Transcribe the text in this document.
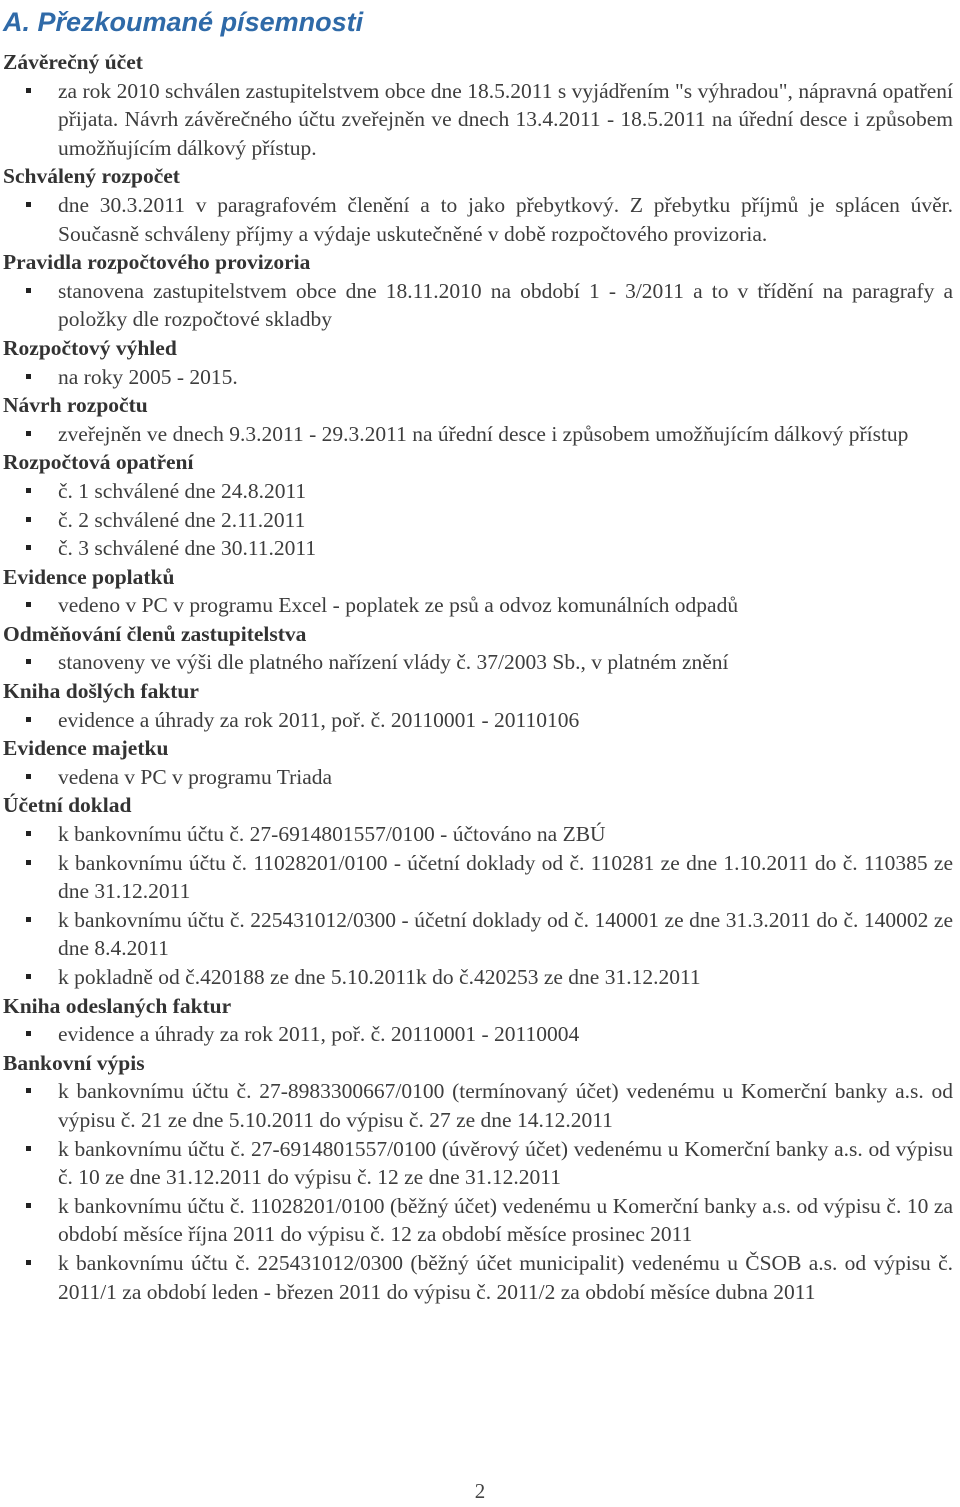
A. Přezkoumané písemnosti
Závěrečný účet
za rok 2010 schválen zastupitelstvem obce dne 18.5.2011 s vyjádřením "s výhradou", nápravná opatření přijata. Návrh závěrečného účtu zveřejněn ve dnech 13.4.2011 - 18.5.2011 na úřední desce i způsobem umožňujícím dálkový přístup.
Schválený rozpočet
dne 30.3.2011 v paragrafovém členění a to jako přebytkový. Z přebytku příjmů je splácen úvěr. Současně schváleny příjmy a výdaje uskutečněné v době rozpočtového provizoria.
Pravidla rozpočtového provizoria
stanovena zastupitelstvem obce dne 18.11.2010 na období 1 - 3/2011 a to v třídění na paragrafy a položky dle rozpočtové skladby
Rozpočtový výhled
na roky 2005 - 2015.
Návrh rozpočtu
zveřejněn ve dnech 9.3.2011 - 29.3.2011 na úřední desce i způsobem umožňujícím dálkový přístup
Rozpočtová opatření
č. 1 schválené dne 24.8.2011
č. 2 schválené dne 2.11.2011
č. 3 schválené dne 30.11.2011
Evidence poplatků
vedeno v PC v programu Excel - poplatek ze psů a odvoz komunálních odpadů
Odměňování členů zastupitelstva
stanoveny ve výši dle platného nařízení vlády č. 37/2003 Sb., v platném znění
Kniha došlých faktur
evidence a úhrady za rok 2011, poř. č. 20110001 - 20110106
Evidence majetku
vedena v PC v programu Triada
Účetní doklad
k bankovnímu účtu č. 27-6914801557/0100 - účtováno na ZBÚ
k bankovnímu účtu č. 11028201/0100 - účetní doklady od č. 110281 ze dne 1.10.2011 do č. 110385 ze dne 31.12.2011
k bankovnímu účtu č. 225431012/0300 - účetní doklady od č. 140001 ze dne 31.3.2011 do č. 140002 ze dne 8.4.2011
k pokladně od č.420188 ze dne 5.10.2011k do č.420253 ze dne 31.12.2011
Kniha odeslaných faktur
evidence a úhrady za rok 2011, poř. č. 20110001 - 20110004
Bankovní výpis
k bankovnímu účtu č. 27-8983300667/0100 (termínovaný účet) vedenému u Komerční banky a.s. od výpisu č. 21 ze dne 5.10.2011 do výpisu č. 27 ze dne 14.12.2011
k bankovnímu účtu č. 27-6914801557/0100 (úvěrový účet) vedenému u Komerční banky a.s. od výpisu č. 10 ze dne 31.12.2011 do výpisu č. 12 ze dne 31.12.2011
k bankovnímu účtu č. 11028201/0100 (běžný účet) vedenému u Komerční banky a.s. od výpisu č. 10 za období měsíce října 2011 do výpisu č. 12 za období měsíce prosinec 2011
k bankovnímu účtu č. 225431012/0300 (běžný účet municipalit) vedenému u ČSOB a.s. od výpisu č. 2011/1 za období leden - březen 2011 do výpisu č. 2011/2 za období měsíce dubna 2011
2
